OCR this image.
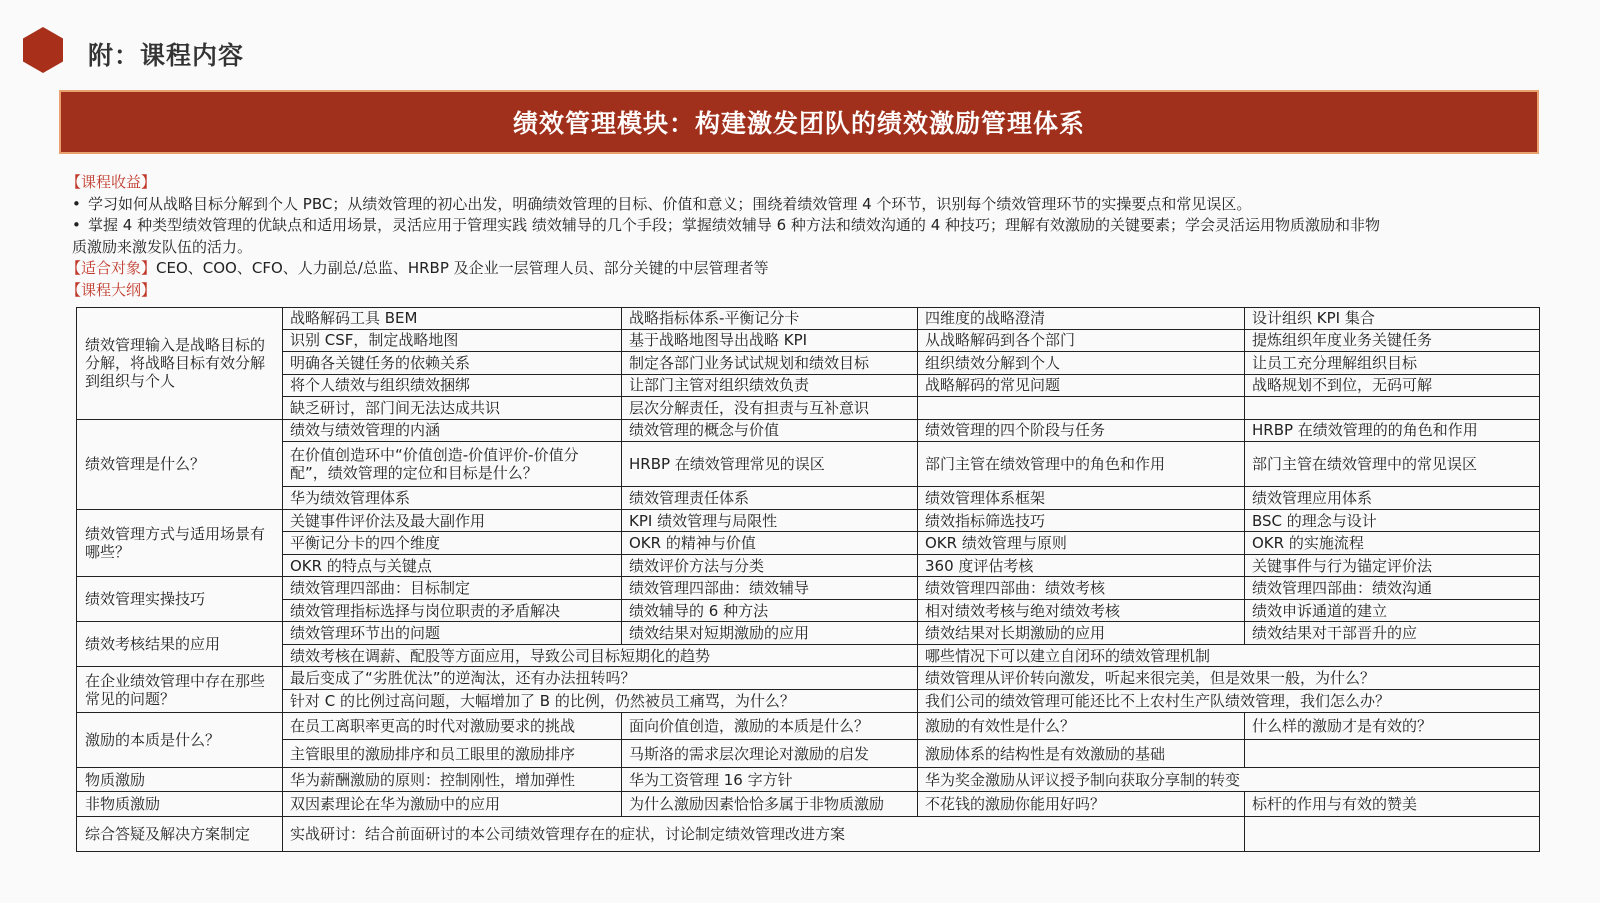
附：课程内容
绩效管理模块：构建激发团队的绩效激励管理体系
【课程收益】
• 学习如何从战略目标分解到个人 PBC；从绩效管理的初心出发，明确绩效管理的目标、价值和意义；围绕着绩效管理 4 个环节，识别每个绩效管理环节的实操要点和常见误区。
• 掌握 4 种类型绩效管理的优缺点和适用场景，灵活应用于管理实践 绩效辅导的几个手段；掌握绩效辅导 6 种方法和绩效沟通的 4 种技巧；理解有效激励的关键要素；学会灵活运用物质激励和非物
质激励来激发队伍的活力。
【适合对象】CEO、COO、CFO、人力副总/总监、HRBP 及企业一层管理人员、部分关键的中层管理者等
【课程大纲】
绩效管理输入是战略目标的分解，将战略目标有效分解到组织与个人	战略解码工具 BEM	战略指标体系-平衡记分卡	四维度的战略澄清	设计组织 KPI 集合
	识别 CSF，制定战略地图	基于战略地图导出战略 KPI	从战略解码到各个部门	提炼组织年度业务关键任务
	明确各关键任务的依赖关系	制定各部门业务试试规划和绩效目标	组织绩效分解到个人	让员工充分理解组织目标
	将个人绩效与组织绩效捆绑	让部门主管对组织绩效负责	战略解码的常见问题	战略规划不到位，无码可解
	缺乏研讨，部门间无法达成共识	层次分解责任，没有担责与互补意识		
绩效管理是什么？	绩效与绩效管理的内涵	绩效管理的概念与价值	绩效管理的四个阶段与任务	HRBP 在绩效管理的的角色和作用
	在价值创造环中“价值创造-价值评价-价值分配”，绩效管理的定位和目标是什么？	HRBP 在绩效管理常见的误区	部门主管在绩效管理中的角色和作用	部门主管在绩效管理中的常见误区
	华为绩效管理体系	绩效管理责任体系	绩效管理体系框架	绩效管理应用体系
绩效管理方式与适用场景有哪些？	关键事件评价法及最大副作用	KPI 绩效管理与局限性	绩效指标筛选技巧	BSC 的理念与设计
	平衡记分卡的四个维度	OKR 的精神与价值	OKR 绩效管理与原则	OKR 的实施流程
	OKR 的特点与关键点	绩效评价方法与分类	360 度评估考核	关键事件与行为锚定评价法
绩效管理实操技巧	绩效管理四部曲：目标制定	绩效管理四部曲：绩效辅导	绩效管理四部曲：绩效考核	绩效管理四部曲：绩效沟通
	绩效管理指标选择与岗位职责的矛盾解决	绩效辅导的 6 种方法	相对绩效考核与绝对绩效考核	绩效申诉通道的建立
绩效考核结果的应用	绩效管理环节出的问题	绩效结果对短期激励的应用	绩效结果对长期激励的应用	绩效结果对干部晋升的应
	绩效考核在调薪、配股等方面应用，导致公司目标短期化的趋势		哪些情况下可以建立自闭环的绩效管理机制	
在企业绩效管理中存在那些常见的问题？	最后变成了“劣胜优汰”的逆淘汰，还有办法扭转吗？		绩效管理从评价转向激发，听起来很完美，但是效果一般，为什么？	
	针对 C 的比例过高问题，大幅增加了 B 的比例，仍然被员工痛骂，为什么？		我们公司的绩效管理可能还比不上农村生产队绩效管理，我们怎么办？	
激励的本质是什么？	在员工离职率更高的时代对激励要求的挑战	面向价值创造，激励的本质是什么？	激励的有效性是什么？	什么样的激励才是有效的？
	主管眼里的激励排序和员工眼里的激励排序	马斯洛的需求层次理论对激励的启发	激励体系的结构性是有效激励的基础	
物质激励	华为薪酬激励的原则：控制刚性，增加弹性	华为工资管理 16 字方针	华为奖金激励从评议授予制向获取分享制的转变	
非物质激励	双因素理论在华为激励中的应用	为什么激励因素恰恰多属于非物质激励	不花钱的激励你能用好吗？	标杆的作用与有效的赞美
综合答疑及解决方案制定	实战研讨：结合前面研讨的本公司绩效管理存在的症状，讨论制定绩效管理改进方案			
